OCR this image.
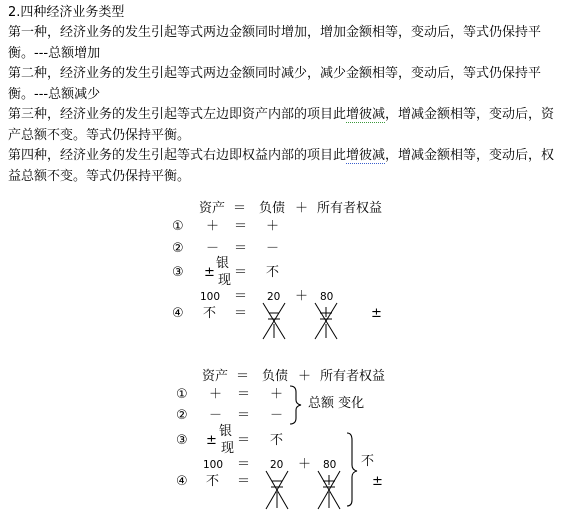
2.四种经济业务类型

第一种，经济业务的发生引起等式两边金额同时增加，增加金额相等，变动后，等式仍保持平衡。---总额增加

第二种，经济业务的发生引起等式两边金额同时减少，减少金额相等，变动后，等式仍保持平衡。---总额减少

第三种，经济业务的发生引起等式左边即资产内部的项目此增彼减，增减金额相等，变动后，资产总额不变。等式仍保持平衡。

第四种，经济业务的发生引起等式右边即权益内部的项目此增彼减，增减金额相等，变动后，权益总额不变。等式仍保持平衡。

资产 ＝ 负债 ＋ 所有者权益
① ＋ ＝ ＋
② － ＝ －
③ ±
银
现
＝ 不
100 ＝ 20 ＋ 80
④ 不 ＝	±
资产 ＝ 负债 ＋ 所有者权益
① ＋ ＝ ＋
② － ＝ －
总额 变化
③ ±
银
现
＝ 不
100 ＝ 20 ＋ 80
④ 不 ＝
不
±
